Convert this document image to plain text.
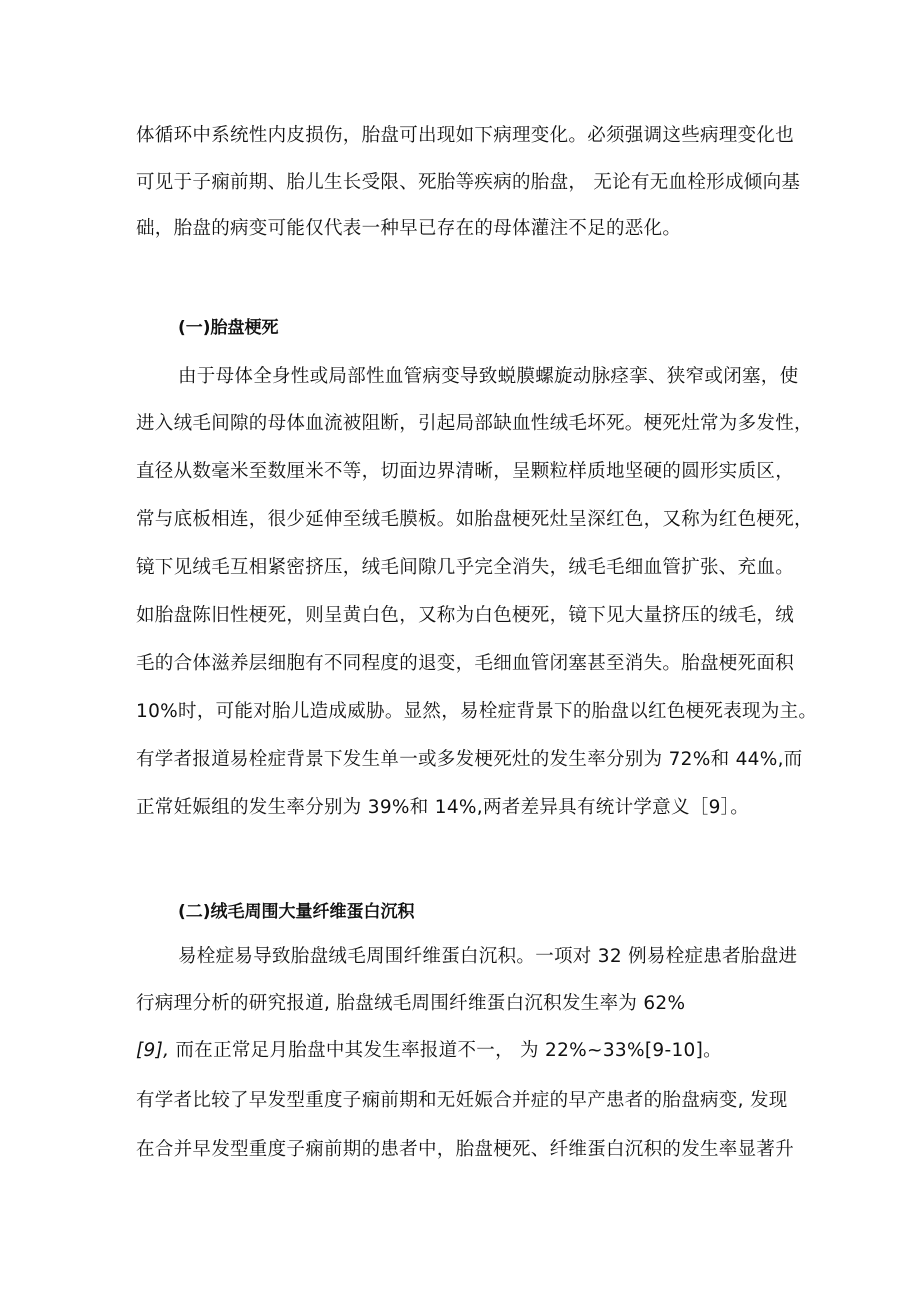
体循环中系统性内皮损伤，胎盘可出现如下病理变化。必须强调这些病理变化也
可见于子痫前期、胎儿生长受限、死胎等疾病的胎盘， 无论有无血栓形成倾向基
础，胎盘的病变可能仅代表一种早已存在的母体灌注不足的恶化。
(一)胎盘梗死
由于母体全身性或局部性血管病变导致蜕膜螺旋动脉痉挛、狭窄或闭塞，使
进入绒毛间隙的母体血流被阻断，引起局部缺血性绒毛坏死。梗死灶常为多发性，
直径从数毫米至数厘米不等，切面边界清晰，呈颗粒样质地坚硬的圆形实质区，
常与底板相连，很少延伸至绒毛膜板。如胎盘梗死灶呈深红色，又称为红色梗死，
镜下见绒毛互相紧密挤压，绒毛间隙几乎完全消失，绒毛毛细血管扩张、充血。
如胎盘陈旧性梗死，则呈黄白色，又称为白色梗死，镜下见大量挤压的绒毛，绒
毛的合体滋养层细胞有不同程度的退变，毛细血管闭塞甚至消失。胎盘梗死面积
10%时，可能对胎儿造成威胁。显然，易栓症背景下的胎盘以红色梗死表现为主。
有学者报道易栓症背景下发生单一或多发梗死灶的发生率分别为 72%和 44%,而
正常妊娠组的发生率分别为 39%和 14%,两者差异具有统计学意义［9］。
(二)绒毛周围大量纤维蛋白沉积
易栓症易导致胎盘绒毛周围纤维蛋白沉积。一项对 32 例易栓症患者胎盘进
行病理分析的研究报道, 胎盘绒毛周围纤维蛋白沉积发生率为 62%
[9], 而在正常足月胎盘中其发生率报道不一， 为 22%~33%[9-10]。
有学者比较了早发型重度子痫前期和无妊娠合并症的早产患者的胎盘病变, 发现
在合并早发型重度子痫前期的患者中，胎盘梗死、纤维蛋白沉积的发生率显著升
